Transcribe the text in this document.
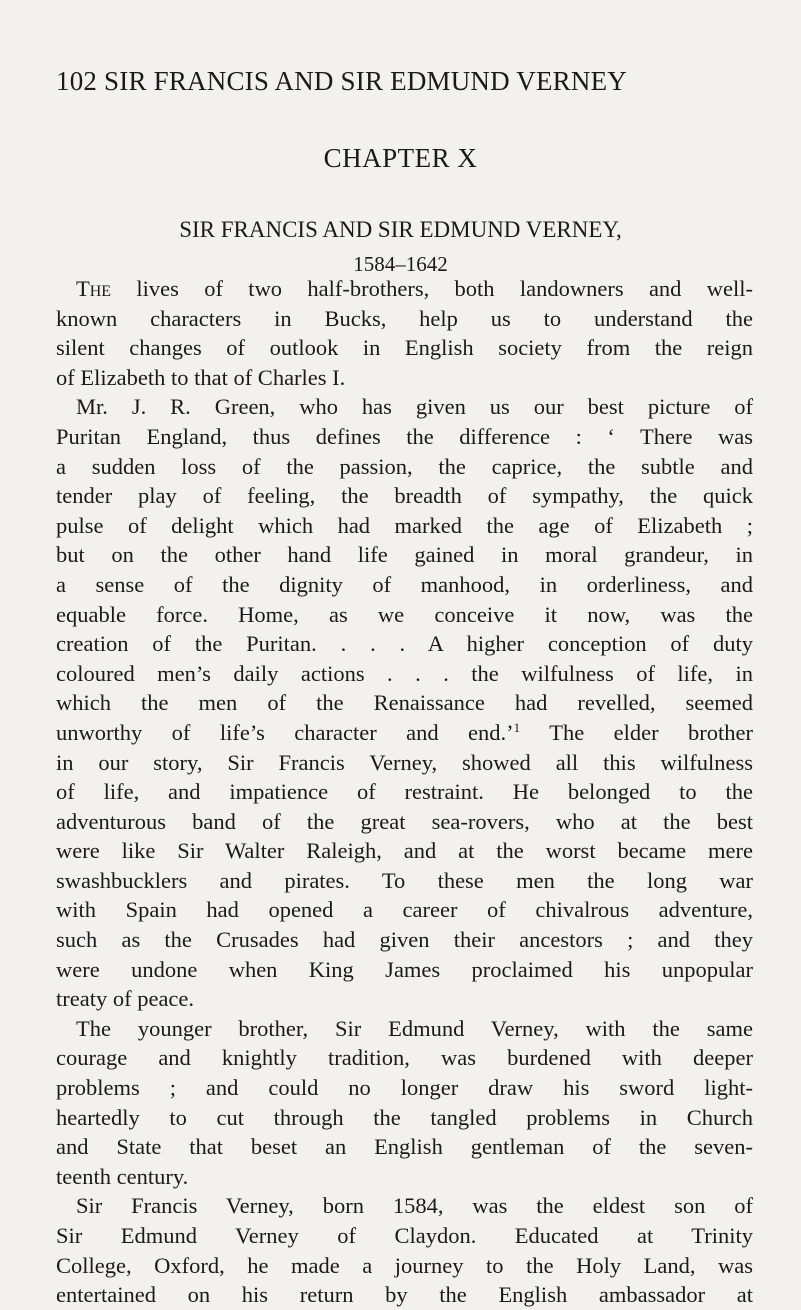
102 SIR FRANCIS AND SIR EDMUND VERNEY
CHAPTER X
SIR FRANCIS AND SIR EDMUND VERNEY,
1584–1642
The lives of two half-brothers, both landowners and well-
known characters in Bucks, help us to understand the
silent changes of outlook in English society from the reign
of Elizabeth to that of Charles I.
Mr. J. R. Green, who has given us our best picture of
Puritan England, thus defines the difference : ‘ There was
a sudden loss of the passion, the caprice, the subtle and
tender play of feeling, the breadth of sympathy, the quick
pulse of delight which had marked the age of Elizabeth ;
but on the other hand life gained in moral grandeur, in
a sense of the dignity of manhood, in orderliness, and
equable force. Home, as we conceive it now, was the
creation of the Puritan. . . . A higher conception of duty
coloured men’s daily actions . . . the wilfulness of life, in
which the men of the Renaissance had revelled, seemed
unworthy of life’s character and end.’$^1$ The elder brother
in our story, Sir Francis Verney, showed all this wilfulness
of life, and impatience of restraint. He belonged to the
adventurous band of the great sea-rovers, who at the best
were like Sir Walter Raleigh, and at the worst became mere
swashbucklers and pirates. To these men the long war
with Spain had opened a career of chivalrous adventure,
such as the Crusades had given their ancestors ; and they
were undone when King James proclaimed his unpopular
treaty of peace.
The younger brother, Sir Edmund Verney, with the same
courage and knightly tradition, was burdened with deeper
problems ; and could no longer draw his sword light-
heartedly to cut through the tangled problems in Church
and State that beset an English gentleman of the seven-
teenth century.
Sir Francis Verney, born 1584, was the eldest son of
Sir Edmund Verney of Claydon. Educated at Trinity
College, Oxford, he made a journey to the Holy Land, was
entertained on his return by the English ambassador at
